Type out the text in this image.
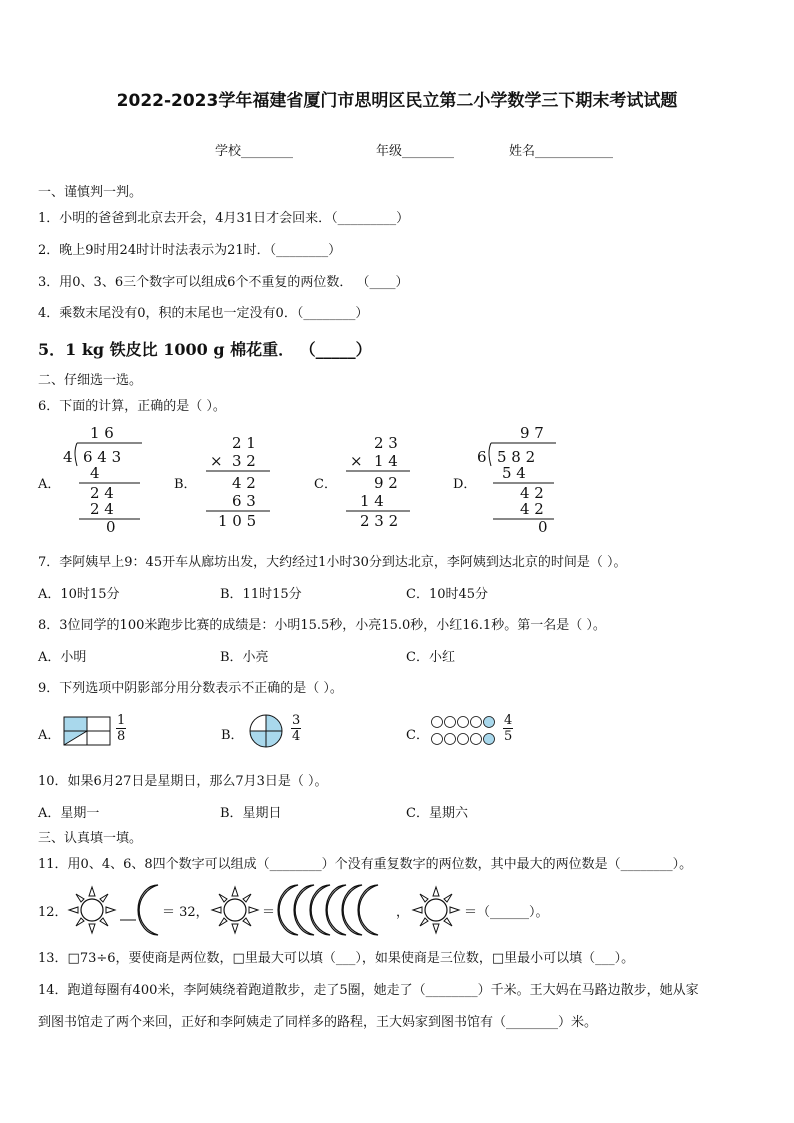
2022-2023学年福建省厦门市思明区民立第二小学数学三下期末考试试题
学校________	年级________	姓名____________
一、谨慎判一判。
1．小明的爸爸到北京去开会，4月31日才会回来．（_________）
2．晚上9时用24时计时法表示为21时．（________）
3．用0、3、6三个数字可以组成6个不重复的两位数． （____）
4．乘数末尾没有0，积的末尾也一定没有0．（________）
5．1 kg 铁皮比 1000 g 棉花重． （_____）
二、仔细选一选。
6．下面的计算，正确的是（ ）。
A．	B．	C．	D．
1 6
4 6 4 3
4
2 4
2 4
0
2 1
× 3 2
4 2
6 3
1 0 5
2 3
× 1 4
9 2
1 4
2 3 2
9 7
6 5 8 2
5 4
4 2
4 2
0
7．李阿姨早上9：45开车从廊坊出发，大约经过1小时30分到达北京，李阿姨到达北京的时间是（ ）。
A．10时15分	B．11时15分	C．10时45分
8．3位同学的100米跑步比赛的成绩是：小明15.5秒，小亮15.0秒，小红16.1秒。第一名是（ ）。
A．小明	B．小亮	C．小红
9．下列选项中阴影部分用分数表示不正确的是（ ）。
A．	$\frac{1}{8}$	B．	$\frac{3}{4}$	C．	$\frac{4}{5}$
10．如果6月27日是星期日，那么7月3日是（ ）。
A．星期一	B．星期日	C．星期六
三、认真填一填。
11．用0、4、6、8四个数字可以组成（________）个没有重复数字的两位数，其中最大的两位数是（________）。
12．	＝ 32，	＝	，	＝（______）。
13．□73÷6，要使商是两位数，□里最大可以填（___），如果使商是三位数，□里最小可以填（___）。
14．跑道每圈有400米，李阿姨绕着跑道散步，走了5圈，她走了（________）千米。王大妈在马路边散步，她从家
到图书馆走了两个来回，正好和李阿姨走了同样多的路程，王大妈家到图书馆有（________）米。
